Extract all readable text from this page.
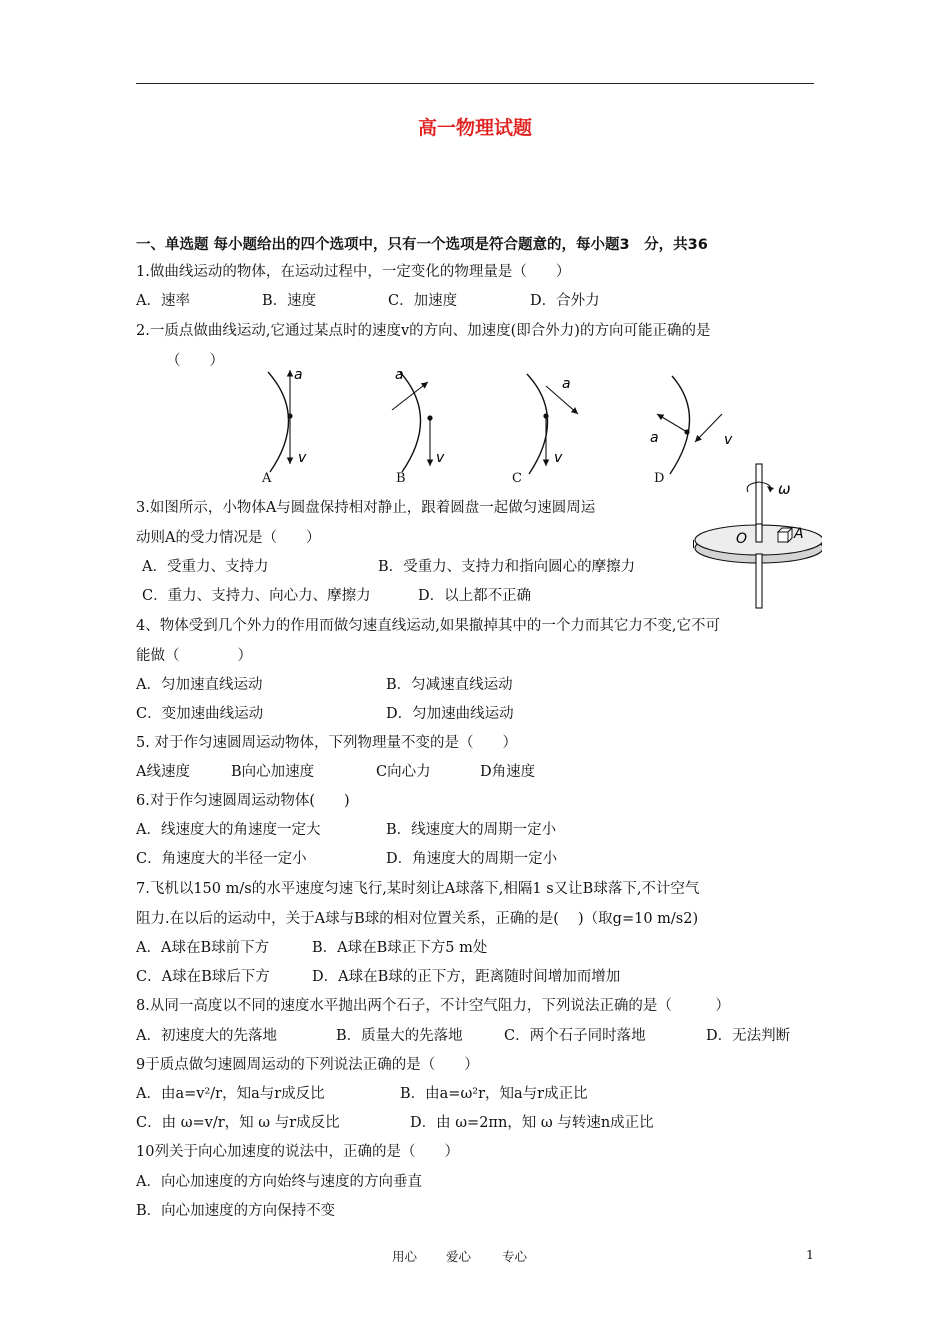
高一物理试题
一、单选题 每小题给出的四个选项中，只有一个选项是符合题意的，每小题3　分，共36
1.做曲线运动的物体，在运动过程中，一定变化的物理量是（　　）
A．速率	B．速度	C．加速度	D．合外力
2.一质点做曲线运动,它通过某点时的速度v的方向、加速度(即合外力)的方向可能正确的是
（　　）
a
v
a
v
a
v
a	v
A	B	C	D
3.如图所示，小物体A与圆盘保持相对静止，跟着圆盘一起做匀速圆周运
动则A的受力情况是（　　）
A．受重力、支持力	B．受重力、支持力和指向圆心的摩擦力
C．重力、支持力、向心力、摩擦力	D．以上都不正确
ω
A
O
4、物体受到几个外力的作用而做匀速直线运动,如果撤掉其中的一个力而其它力不变,它不可
能做（　　　　）
A．匀加速直线运动	B．匀减速直线运动
C．变加速曲线运动	D．匀加速曲线运动
5. 对于作匀速圆周运动物体，下列物理量不变的是（　　）
A线速度	B向心加速度	C向心力	D角速度
6.对于作匀速圆周运动物体(　　)
A．线速度大的角速度一定大	B．线速度大的周期一定小
C．角速度大的半径一定小	D．角速度大的周期一定小
7.飞机以150 m/s的水平速度匀速飞行,某时刻让A球落下,相隔1 s又让B球落下,不计空气
阻力.在以后的运动中，关于A球与B球的相对位置关系，正确的是(　 )（取g=10 m/s2)
A．A球在B球前下方	B．A球在B球正下方5 m处
C．A球在B球后下方	D．A球在B球的正下方，距离随时间增加而增加
8.从同一高度以不同的速度水平抛出两个石子，不计空气阻力，下列说法正确的是（　　　）
A．初速度大的先落地	B．质量大的先落地	C．两个石子同时落地	D．无法判断
9于质点做匀速圆周运动的下列说法正确的是（　　）
A．由a=v²/r，知a与r成反比	B．由a=ω²r，知a与r成正比
C．由 ω=v/r，知 ω 与r成反比	D．由 ω=2πn，知 ω 与转速n成正比
10列关于向心加速度的说法中，正确的是（　　）
A．向心加速度的方向始终与速度的方向垂直
B．向心加速度的方向保持不变
用心 爱心 专心	1
